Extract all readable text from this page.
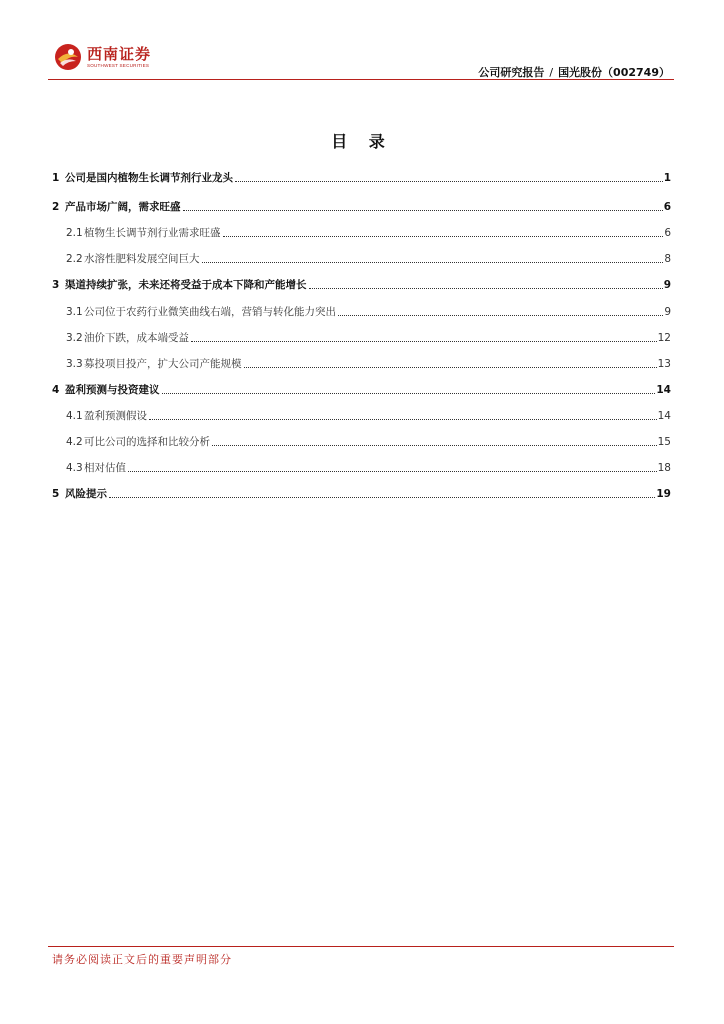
西南证券
SOUTHWEST SECURITIES
公司研究报告 / 国光股份（002749）
目 录
1 公司是国内植物生长调节剂行业龙头	1
2 产品市场广阔，需求旺盛	6
2.1 植物生长调节剂行业需求旺盛	6
2.2 水溶性肥料发展空间巨大	8
3 渠道持续扩张，未来还将受益于成本下降和产能增长	9
3.1 公司位于农药行业微笑曲线右端，营销与转化能力突出	9
3.2 油价下跌，成本端受益	12
3.3 募投项目投产，扩大公司产能规模	13
4 盈利预测与投资建议	14
4.1 盈利预测假设	14
4.2 可比公司的选择和比较分析	15
4.3 相对估值	18
5 风险提示	19
请务必阅读正文后的重要声明部分
